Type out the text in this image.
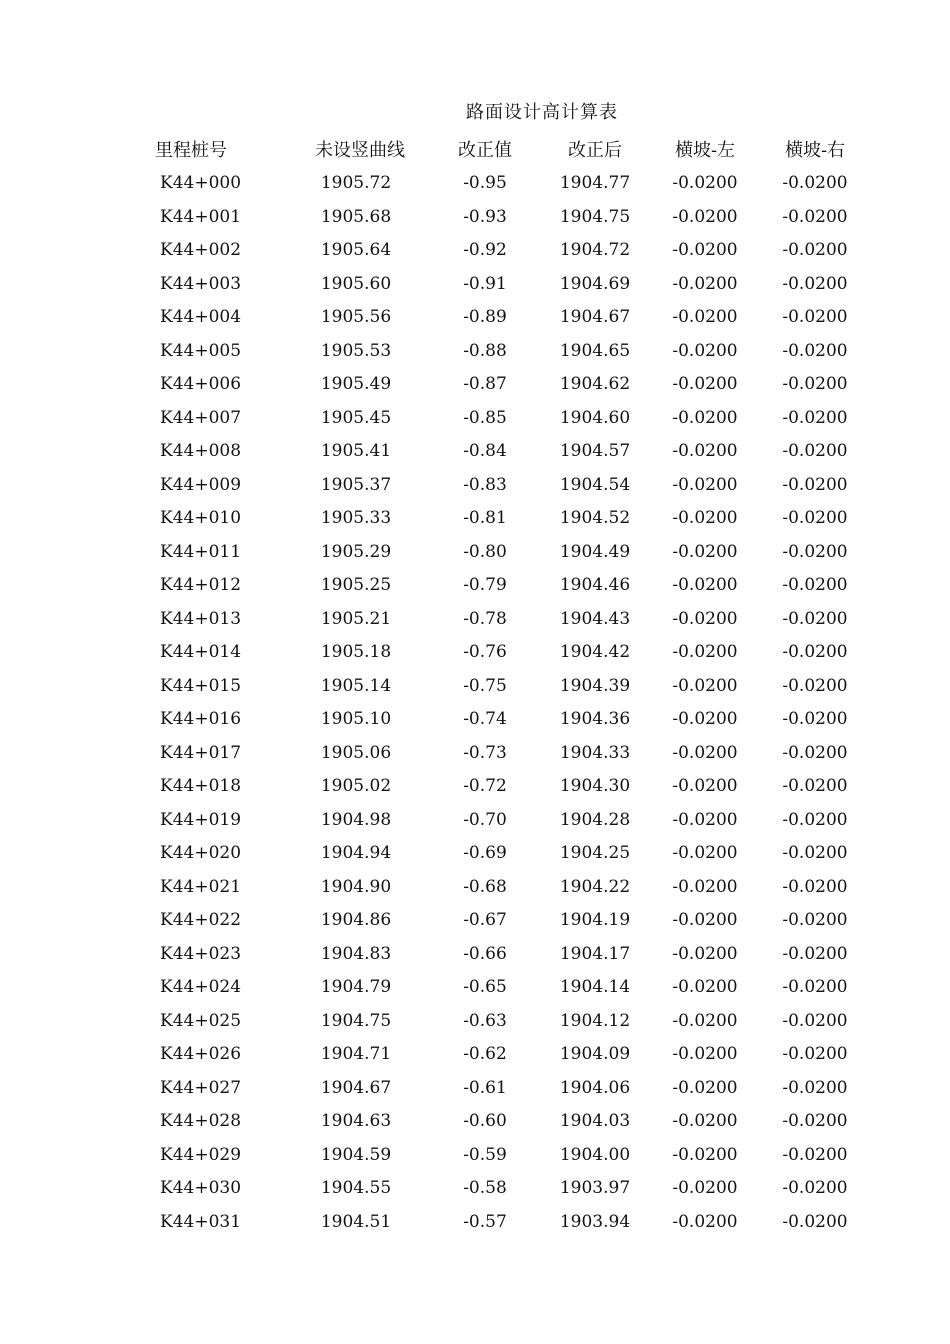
路面设计高计算表
里程桩号	未设竖曲线	改正值	改正后	横坡-左	横坡-右
K44+000	1905.72	-0.95	1904.77	-0.0200	-0.0200
K44+001	1905.68	-0.93	1904.75	-0.0200	-0.0200
K44+002	1905.64	-0.92	1904.72	-0.0200	-0.0200
K44+003	1905.60	-0.91	1904.69	-0.0200	-0.0200
K44+004	1905.56	-0.89	1904.67	-0.0200	-0.0200
K44+005	1905.53	-0.88	1904.65	-0.0200	-0.0200
K44+006	1905.49	-0.87	1904.62	-0.0200	-0.0200
K44+007	1905.45	-0.85	1904.60	-0.0200	-0.0200
K44+008	1905.41	-0.84	1904.57	-0.0200	-0.0200
K44+009	1905.37	-0.83	1904.54	-0.0200	-0.0200
K44+010	1905.33	-0.81	1904.52	-0.0200	-0.0200
K44+011	1905.29	-0.80	1904.49	-0.0200	-0.0200
K44+012	1905.25	-0.79	1904.46	-0.0200	-0.0200
K44+013	1905.21	-0.78	1904.43	-0.0200	-0.0200
K44+014	1905.18	-0.76	1904.42	-0.0200	-0.0200
K44+015	1905.14	-0.75	1904.39	-0.0200	-0.0200
K44+016	1905.10	-0.74	1904.36	-0.0200	-0.0200
K44+017	1905.06	-0.73	1904.33	-0.0200	-0.0200
K44+018	1905.02	-0.72	1904.30	-0.0200	-0.0200
K44+019	1904.98	-0.70	1904.28	-0.0200	-0.0200
K44+020	1904.94	-0.69	1904.25	-0.0200	-0.0200
K44+021	1904.90	-0.68	1904.22	-0.0200	-0.0200
K44+022	1904.86	-0.67	1904.19	-0.0200	-0.0200
K44+023	1904.83	-0.66	1904.17	-0.0200	-0.0200
K44+024	1904.79	-0.65	1904.14	-0.0200	-0.0200
K44+025	1904.75	-0.63	1904.12	-0.0200	-0.0200
K44+026	1904.71	-0.62	1904.09	-0.0200	-0.0200
K44+027	1904.67	-0.61	1904.06	-0.0200	-0.0200
K44+028	1904.63	-0.60	1904.03	-0.0200	-0.0200
K44+029	1904.59	-0.59	1904.00	-0.0200	-0.0200
K44+030	1904.55	-0.58	1903.97	-0.0200	-0.0200
K44+031	1904.51	-0.57	1903.94	-0.0200	-0.0200
